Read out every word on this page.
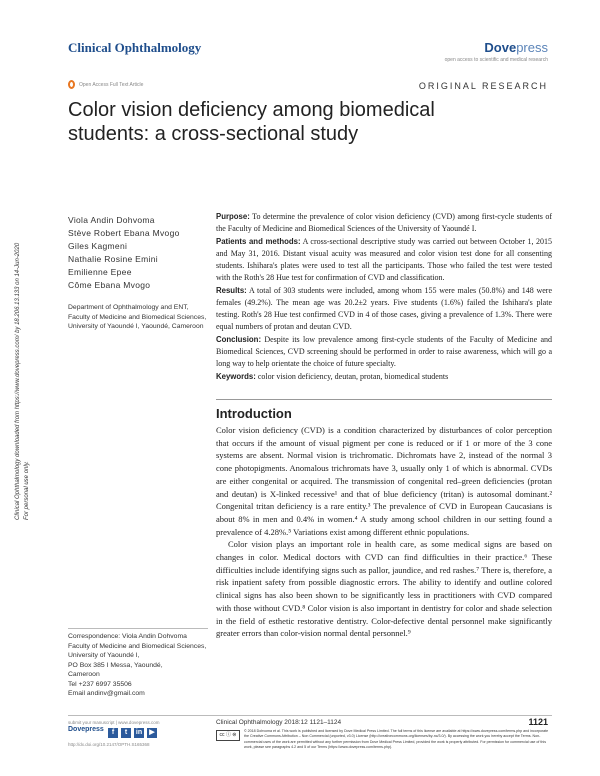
Clinical Ophthalmology	Dovepress
open access to scientific and medical research
Open Access Full Text Article	ORIGINAL RESEARCH
Color vision deficiency among biomedical students: a cross-sectional study
Clinical Ophthalmology downloaded from https://www.dovepress.com/ by 18.206.13.133 on 14-Jun-2020 For personal use only.
Viola Andin Dohvoma
Stève Robert Ebana Mvogo
Giles Kagmeni
Nathalie Rosine Emini
Emilienne Epee
Côme Ebana Mvogo
Department of Ophthalmology and ENT, Faculty of Medicine and Biomedical Sciences, University of Yaoundé I, Yaoundé, Cameroon

Purpose: To determine the prevalence of color vision deficiency (CVD) among first-cycle students of the Faculty of Medicine and Biomedical Sciences of the University of Yaoundé I.

Patients and methods: A cross-sectional descriptive study was carried out between October 1, 2015 and May 31, 2016. Distant visual acuity was measured and color vision test done for all consenting students. Ishihara's plates were used to test all the participants. Those who failed the test were tested with the Roth's 28 Hue test for confirmation of CVD and classification.

Results: A total of 303 students were included, among whom 155 were males (50.8%) and 148 were females (49.2%). The mean age was 20.2±2 years. Five students (1.6%) failed the Ishihara's plate testing. Roth's 28 Hue test confirmed CVD in 4 of those cases, giving a prevalence of 1.3%. There were equal numbers of protan and deutan CVD.

Conclusion: Despite its low prevalence among first-cycle students of the Faculty of Medicine and Biomedical Sciences, CVD screening should be performed in order to raise awareness, which will go a long way to help orientate the choice of future specialty.

Keywords: color vision deficiency, deutan, protan, biomedical students

Introduction

Color vision deficiency (CVD) is a condition characterized by disturbances of color perception that occurs if the amount of visual pigment per cone is reduced or if 1 or more of the 3 cone systems are absent. Normal vision is trichromatic. Dichromats have 2, instead of the normal 3 cone photopigments. Anomalous trichromats have 3, usually only 1 of which is abnormal. CVDs are either congenital or acquired. The transmission of congenital red–green deficiencies (protan and deutan) is X-linked recessive¹ and that of blue deficiency (tritan) is autosomal dominant.² Congenital tritan deficiency is a rare entity.³ The prevalence of CVD in European Caucasians is about 8% in men and 0.4% in women.⁴ A study among school children in our setting found a prevalence of 4.28%.⁵ Variations exist among different ethnic populations.

Color vision plays an important role in health care, as some medical signs are based on changes in color. Medical doctors with CVD can find difficulties in their practice.⁶ These difficulties include identifying signs such as pallor, jaundice, and red rashes.⁷ There is, therefore, a risk inpatient safety from possible diagnostic errors. The ability to identify and outline colored clinical signs has also been shown to be significantly less in practitioners with CVD compared with those without CVD.⁸ Color vision is also important in dentistry for color and shade selection in the field of esthetic restorative dentistry. Color-defective dental personnel make significantly greater errors than color-vision normal dental personnel.⁹

Correspondence: Viola Andin Dohvoma
Faculty of Medicine and Biomedical Sciences, University of Yaoundé I,
PO Box 385 I Messa, Yaoundé,
Cameroon
Tel +237 6997 35506
Email andinv@gmail.com
submit your manuscript | www.dovepress.com
Dovepress
http://dx.doi.org/10.2147/OPTH.S165368
f	t	in	▶
Clinical Ophthalmology 2018:12 1121–1124	1121
cc ⓘ ⊜
© 2018 Dohvoma et al. This work is published and licensed by Dove Medical Press Limited. The full terms of this license are available at https://www.dovepress.com/terms.php and incorporate the Creative Commons Attribution – Non Commercial (unported, v3.0) License (http://creativecommons.org/licenses/by-nc/3.0/). By accessing the work you hereby accept the Terms. Non-commercial uses of the work are permitted without any further permission from Dove Medical Press Limited, provided the work is properly attributed. For permission for commercial use of this work, please see paragraphs 4.2 and 5 of our Terms (https://www.dovepress.com/terms.php).
